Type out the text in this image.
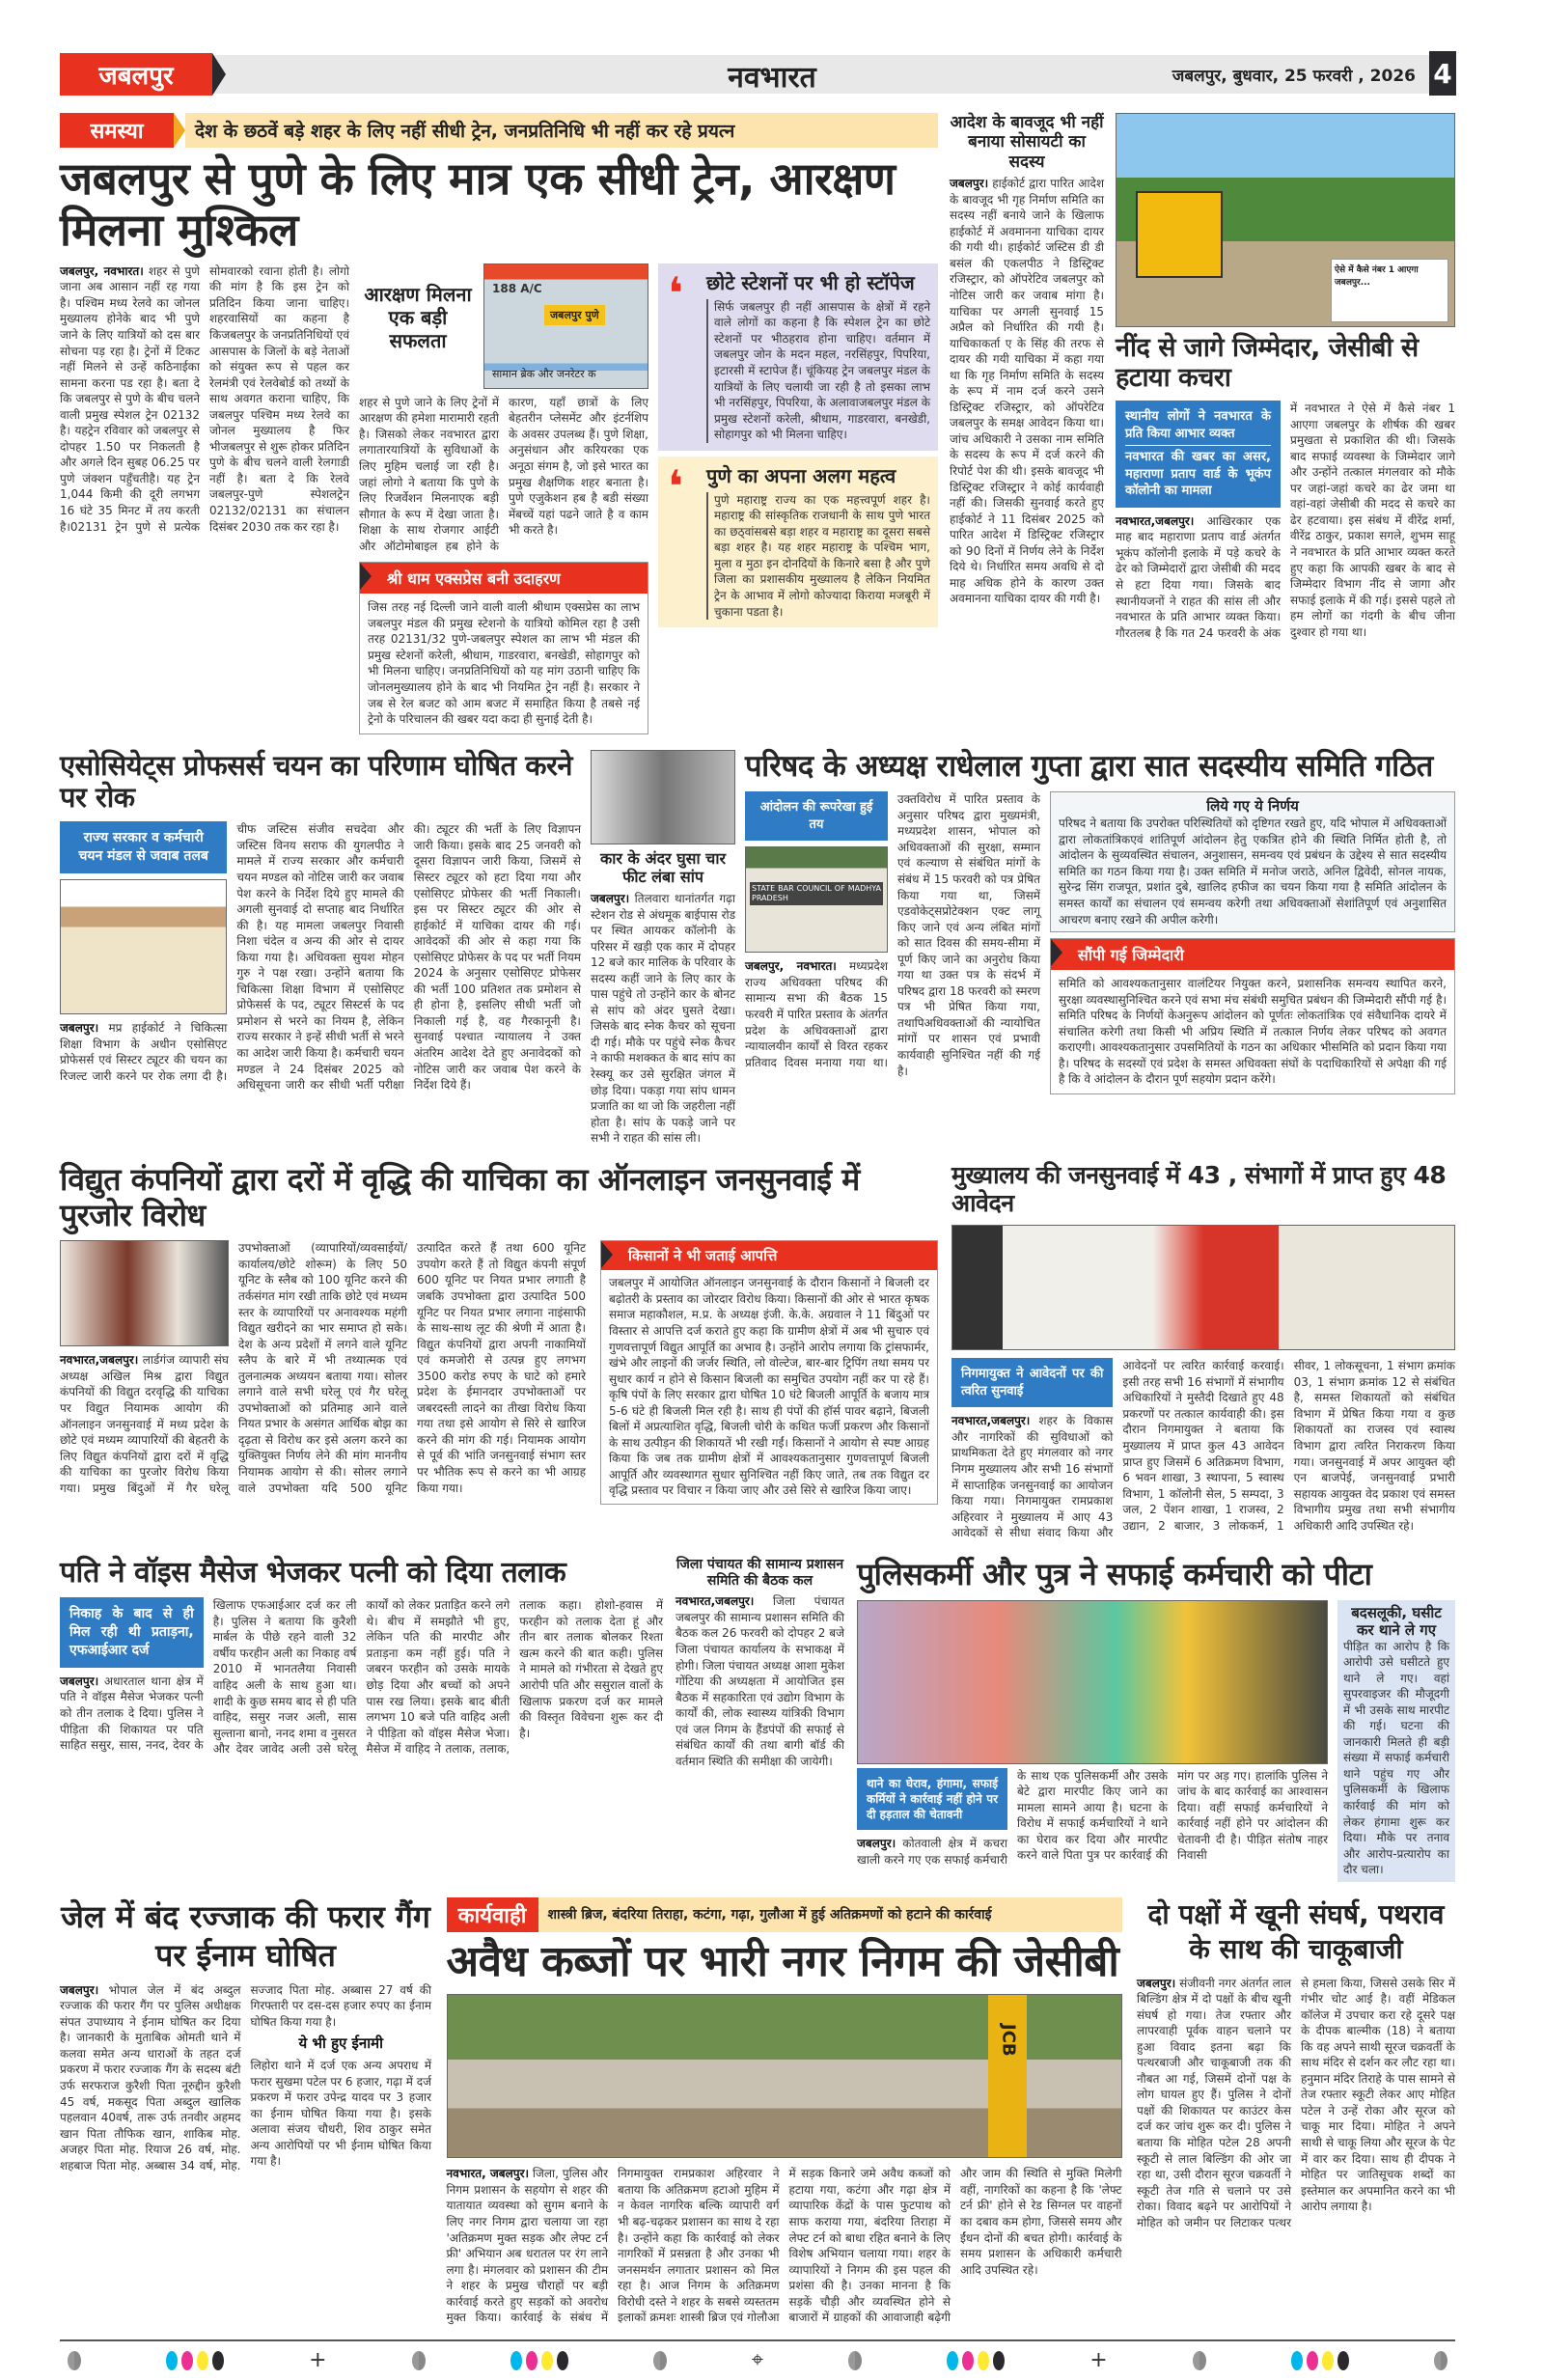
जबलपुर	नवभारत	जबलपुर, बुधवार, 25 फरवरी , 2026 4
समस्या	देश के छठवें बड़े शहर के लिए नहीं सीधी ट्रेन, जनप्रतिनिधि भी नहीं कर रहे प्रयत्न
जबलपुर से पुणे के लिए मात्र एक सीधी ट्रेन, आरक्षण मिलना मुश्किल
जबलपुर, नवभारत। शहर से पुणे जाना अब आसान नहीं रह गया है। पश्चिम मध्य रेलवे का जोनल मुख्यालय होनेके बाद भी पुणे जाने के लिए यात्रियों को दस बार सोचना पड़ रहा है। ट्रेनों में टिकट नहीं मिलने से उन्हें कठिनाईका सामना करना पड रहा है। बता दे कि जबलपुर से पुणे के बीच चलने वाली प्रमुख स्पेशल ट्रेन 02132 है। यहट्रेन रविवार को जबलपुर से दोपहर 1.50 पर निकलती है और अगले दिन सुबह 06.25 पर पुणे जंक्शन पहुँचतीहै। यह ट्रेन 1,044 किमी की दूरी लगभग 16 घंटे 35 मिनट में तय करती है।02131 ट्रेन पुणे से प्रत्येक सोमवारको रवाना होती है। लोगो की मांग है कि इस ट्रेन को प्रतिदिन किया जाना चाहिए। शहरवासियों का कहना है किजबलपुर के जनप्रतिनिधियों एवं आसपास के जिलों के बड़े नेताओं को संयुक्त रूप से पहल कर रेलमंत्री एवं रेलवेबोर्ड को तथ्यों के साथ अवगत कराना चाहिए, कि जबलपुर पश्चिम मध्य रेलवे का जोनल मुख्यालय है फिर भीजबलपुर से शुरू होकर प्रतिदिन पुणे के बीच चलने वाली रेलगाडी नहीं है। बता दे कि रेलवे जबलपुर-पुणे स्पेशलट्रेन 02132/02131 का संचालन दिसंबर 2030 तक कर रहा है।
आरक्षण मिलना एक बड़ी सफलता
188 A/C
जबलपुर पुणे
सामान ब्रेक और जनरेटर क
शहर से पुणे जाने के लिए ट्रेनों में आरक्षण की हमेशा मारामारी रहती है। जिसको लेकर नवभारत द्वारा लगातारयात्रियों के सुविधाओं के लिए मुहिम चलाई जा रही है। जहां लोगो ने बताया कि पुणे के लिए रिजर्वेशन मिलनाएक बड़ी सौगात के रूप में देखा जाता है। शिक्षा के साथ रोजगार आईटी और ऑटोमोबाइल हब होने के कारण, यहाँ छात्रों के लिए बेहतरीन प्लेसमेंट और इंटर्नशिप के अवसर उपलब्ध हैं। पुणे शिक्षा, अनुसंधान और करियरका एक अनूठा संगम है, जो इसे भारत का प्रमुख शैक्षणिक शहर बनाता है। पुणे एजुकेशन हब है बडी संख्या मेंबच्चें यहां पढने जाते है व काम भी करते है।
श्री धाम एक्सप्रेस बनी उदाहरण
जिस तरह नई दिल्ली जाने वाली वाली श्रीधाम एक्सप्रेस का लाभ जबलपुर मंडल की प्रमुख स्टेशनो के यात्रियो कोमिल रहा है उसी तरह 02131/32 पुणे-जबलपुर स्पेशल का लाभ भी मंडल की प्रमुख स्टेशनों करेली, श्रीधाम, गाडरवारा, बनखेडी, सोहागपुर को भी मिलना चाहिए। जनप्रतिनिधियों को यह मांग उठानी चाहिए कि जोनलमुख्यालय होने के बाद भी नियमित ट्रेन नहीं है। सरकार ने जब से रेल बजट को आम बजट में समाहित किया है तबसे नई ट्रेनो के परिचालन की खबर यदा कदा ही सुनाई देती है।
❛ छोटे स्टेशनों पर भी हो स्टॉपेज
सिर्फ जबलपुर ही नहीं आसपास के क्षेत्रों में रहने वाले लोगों का कहना है कि स्पेशल ट्रेन का छोटे स्टेशनों पर भीठहराव होना चाहिए। वर्तमान में जबलपुर जोन के मदन महल, नरसिंहपुर, पिपरिया, इटारसी में स्टापेज हैं। चूंकियह ट्रेन जबलपुर मंडल के यात्रियों के लिए चलायी जा रही है तो इसका लाभ भी नरसिंहपुर, पिपरिया, के अलावाजबलपुर मंडल के प्रमुख स्टेशनों करेली, श्रीधाम, गाडरवारा, बनखेडी, सोहागपुर को भी मिलना चाहिए।
❛ पुणे का अपना अलग महत्व
पुणे महाराष्ट्र राज्य का एक महत्त्वपूर्ण शहर है। महाराष्ट्र की सांस्कृतिक राजधानी के साथ पुणे भारत का छठ्वांसबसे बड़ा शहर व महाराष्ट्र का दूसरा सबसे बड़ा शहर है। यह शहर महाराष्ट्र के पश्चिम भाग, मुला व मुठा इन दोनदियों के किनारे बसा है और पुणे जिला का प्रशासकीय मुख्यालय है लेकिन नियमित ट्रेन के आभाव में लोगो कोज्यादा किराया मजबूरी में चुकाना पडता है।
आदेश के बावजूद भी नहीं बनाया सोसायटी का सदस्य
जबलपुर। हाईकोर्ट द्वारा पारित आदेश के बावजूद भी गृह निर्माण समिति का सदस्य नहीं बनाये जाने के खिलाफ हाईकोर्ट में अवमानना याचिका दायर की गयी थी। हाईकोर्ट जस्टिस डी डी बसंल की एकलपीठ ने डिस्ट्रिक्ट रजिस्ट्रार, को ऑपरेटिव जबलपुर को नोटिस जारी कर जवाब मांगा है। याचिका पर अगली सुनवाई 15 अप्रैल को निर्धारित की गयी है।याचिकाकर्ता ए के सिंह की तरफ से दायर की गयी याचिका में कहा गया था कि गृह निर्माण समिति के सदस्य के रूप में नाम दर्ज करने उसने डिस्ट्रिक्ट रजिस्ट्रार, को ऑपरेटिव जबलपुर के समक्ष आवेदन किया था। जांच अधिकारी ने उसका नाम समिति के सदस्य के रूप में दर्ज करने की रिपोर्ट पेश की थी। इसके बावजूद भी डिस्ट्रिक्ट रजिस्ट्रार ने कोई कार्यवाही नहीं की। जिसकी सुनवाई करते हुए हाईकोर्ट ने 11 दिसंबर 2025 को पारित आदेश में डिस्ट्रिक्ट रजिस्ट्रार को 90 दिनों में निर्णय लेने के निर्देश दिये थे। निर्धारित समय अवधि से दो माह अधिक होने के कारण उक्त अवमानना याचिका दायर की गयी है।
ऐसे में कैसे नंबर 1 आएगा जबलपुर...
नींद से जागे जिम्मेदार, जेसीबी से हटाया कचरा
स्थानीय लोगों ने नवभारत के प्रति किया आभार व्यक्त
नवभारत की खबर का असर, महाराणा प्रताप वार्ड के भूकंप कॉलोनी का मामला
नवभारत,जबलपुर। आखिरकार एक माह बाद महाराणा प्रताप वार्ड अंतर्गत भूकंप कॉलोनी इलाके में पड़े कचरे के ढेर को जिम्मेदारों द्वारा जेसीबी की मदद से हटा दिया गया। जिसके बाद स्थानीयजनों ने राहत की सांस ली और नवभारत के प्रति आभार व्यक्त किया। गौरतलब है कि गत 24 फरवरी के अंक में नवभारत ने ऐसे में कैसे नंबर 1 आएगा जबलपुर के शीर्षक की खबर प्रमुखता से प्रकाशित की थी। जिसके बाद सफाई व्यवस्था के जिम्मेदार जागे और उन्होंने तत्काल मंगलवार को मौके पर जहां-जहां कचरे का ढेर जमा था वहां-वहां जेसीबी की मदद से कचरे का ढेर हटवाया। इस संबंध में वीरेंद्र शर्मा, वीरेंद्र ठाकुर, प्रकाश सगले, शुभम साहू ने नवभारत के प्रति आभार व्यक्त करते हुए कहा कि आपकी खबर के बाद से जिम्मेदार विभाग नींद से जागा और सफाई इलाके में की गई। इससे पहले तो हम लोगों का गंदगी के बीच जीना दुश्वार हो गया था।
एसोसियेट्स प्रोफसर्स चयन का परिणाम घोषित करने पर रोक
राज्य सरकार व कर्मचारी चयन मंडल से जवाब तलब
जबलपुर। मप्र हाईकोर्ट ने चिकित्सा शिक्षा विभाग के अधीन एसोसिएट प्रोफेसर्स एवं सिस्टर ट्यूटर की चयन का रिजल्ट जारी करने पर रोक लगा दी है। चीफ जस्टिस संजीव सचदेवा और जस्टिस विनय सराफ की युगलपीठ ने मामले में राज्य सरकार और कर्मचारी चयन मण्डल को नोटिस जारी कर जवाब पेश करने के निर्देश दिये हुए मामले की अगली सुनवाई दो सप्ताह बाद निर्धारित की है। यह मामला जबलपुर निवासी निशा चंदेल व अन्य की ओर से दायर किया गया है। अधिवक्ता सुयश मोहन गुरु ने पक्ष रखा। उन्होंने बताया कि चिकित्सा शिक्षा विभाग में एसोसिएट प्रोफेसर्स के पद, ट्यूटर सिस्टर्स के पद प्रमोशन से भरने का नियम है, लेकिन राज्य सरकार ने इन्हें सीधी भर्ती से भरने का आदेश जारी किया है। कर्मचारी चयन मण्डल ने 24 दिसंबर 2025 को अधिसूचना जारी कर सीधी भर्ती परीक्षा की। ट्यूटर की भर्ती के लिए विज्ञापन जारी किया। इसके बाद 25 जनवरी को दूसरा विज्ञापन जारी किया, जिसमें से सिस्टर ट्यूटर को हटा दिया गया और एसोसिएट प्रोफेसर की भर्ती निकाली। इस पर सिस्टर ट्यूटर की ओर से हाईकोर्ट में याचिका दायर की गई। आवेदकों की ओर से कहा गया कि एसोसिएट प्रोफेसर के पद पर भर्ती नियम 2024 के अनुसार एसोसिएट प्रोफेसर की भर्ती 100 प्रतिशत तक प्रमोशन से ही होना है, इसलिए सीधी भर्ती जो निकाली गई है, वह गैरकानूनी है। सुनवाई पश्चात न्यायालय ने उक्त अंतरिम आदेश देते हुए अनावेदकों को नोटिस जारी कर जवाब पेश करने के निर्देश दिये हैं।
कार के अंदर घुसा चार फीट लंबा सांप
जबलपुर। तिलवारा थानांतर्गत गढ़ा स्टेशन रोड से अंधमूक बाईपास रोड पर स्थित आयकर कॉलोनी के परिसर में खड़ी एक कार में दोपहर 12 बजे कार मालिक के परिवार के सदस्य कहीं जाने के लिए कार के पास पहुंचे तो उन्होंने कार के बोनट से सांप को अंदर घुसते देखा। जिसके बाद स्नेक कैचर को सूचना दी गई। मौके पर पहुंचे स्नेक कैचर ने काफी मशक्कत के बाद सांप का रेस्क्यू कर उसे सुरक्षित जंगल में छोड़ दिया। पकड़ा गया सांप धामन प्रजाति का था जो कि जहरीला नहीं होता है। सांप के पकड़े जाने पर सभी ने राहत की सांस ली।
परिषद के अध्यक्ष राधेलाल गुप्ता द्वारा सात सदस्यीय समिति गठित
आंदोलन की रूपरेखा हुई तय
STATE BAR COUNCIL OF MADHYA PRADESH
जबलपुर, नवभारत। मध्यप्रदेश राज्य अधिवक्ता परिषद की सामान्य सभा की बैठक 15 फरवरी में पारित प्रस्ताव के अंतर्गत प्रदेश के अधिवक्ताओं द्वारा न्यायालयीन कार्यों से विरत रहकर प्रतिवाद दिवस मनाया गया था। उक्तविरोध में पारित प्रस्ताव के अनुसार परिषद द्वारा मुख्यमंत्री, मध्यप्रदेश शासन, भोपाल को अधिवक्ताओं की सुरक्षा, सम्मान एवं कल्याण से संबंधित मांगों के संबंध में 15 फरवरी को पत्र प्रेषित किया गया था, जिसमें एडवोकेट्सप्रोटेक्शन एक्ट लागू किए जाने एवं अन्य लंबित मांगों को सात दिवस की समय-सीमा में पूर्ण किए जाने का अनुरोध किया गया था उक्त पत्र के संदर्भ में परिषद द्वारा 18 फरवरी को स्मरण पत्र भी प्रेषित किया गया, तथापिअधिवक्ताओं की न्यायोचित मांगों पर शासन एवं प्रभावी कार्यवाही सुनिश्चित नहीं की गई है।
लिये गए ये निर्णय
परिषद ने बताया कि उपरोक्त परिस्थितियों को दृष्टिगत रखते हुए, यदि भोपाल में अधिवक्ताओं द्वारा लोकतांत्रिकएवं शांतिपूर्ण आंदोलन हेतु एकत्रित होने की स्थिति निर्मित होती है, तो आंदोलन के सुव्यवस्थित संचालन, अनुशासन, समन्वय एवं प्रबंधन के उद्देश्य से सात सदस्यीय समिति का गठन किया गया है। उक्त समिति में मनोज जराठे, अनिल द्विवेदी, सोनल नायक, सुरेन्द्र सिंग राजपूत, प्रशांत दुबे, खालिद हफीज का चयन किया गया है समिति आंदोलन के समस्त कार्यों का संचालन एवं समन्वय करेगी तथा अधिवक्ताओं सेशांतिपूर्ण एवं अनुशासित आचरण बनाए रखने की अपील करेगी।
सौंपी गई जिम्मेदारी
समिति को आवश्यकतानुसार वालंटियर नियुक्त करने, प्रशासनिक समन्वय स्थापित करने, सुरक्षा व्यवस्थासुनिश्चित करने एवं सभा मंच संबंधी समुचित प्रबंधन की जिम्मेदारी सौंपी गई है। समिति परिषद के निर्णयों केअनुरूप आंदोलन को पूर्णतः लोकतांत्रिक एवं संवैधानिक दायरे में संचालित करेगी तथा किसी भी अप्रिय स्थिति में तत्काल निर्णय लेकर परिषद को अवगत कराएगी। आवश्यकतानुसार उपसमितियों के गठन का अधिकार भीसमिति को प्रदान किया गया है। परिषद के सदस्यों एवं प्रदेश के समस्त अधिवक्ता संघों के पदाधिकारियों से अपेक्षा की गई है कि वे आंदोलन के दौरान पूर्ण सहयोग प्रदान करेंगे।
विद्युत कंपनियों द्वारा दरों में वृद्धि की याचिका का ऑनलाइन जनसुनवाई में पुरजोर विरोध
नवभारत,जबलपुर। लार्डगंज व्यापारी संघ अध्यक्ष अखिल मिश्र द्वारा विद्युत कंपनियों की विद्युत दरवृद्धि की याचिका पर विद्युत नियामक आयोग की ऑनलाइन जनसुनवाई में मध्य प्रदेश के छोटे एवं मध्यम व्यापारियों की बेहतरी के लिए विद्युत कंपनियों द्वारा दरों में वृद्धि की याचिका का पुरजोर विरोध किया गया। प्रमुख बिंदुओं में गैर घरेलू उपभोक्ताओं (व्यापारियों/व्यवसाईयों/कार्यालय/छोटे शोरूम) के लिए 50 यूनिट के स्लैब को 100 यूनिट करने की तर्कसंगत मांग रखी ताकि छोटे एवं मध्यम स्तर के व्यापारियों पर अनावश्यक महंगी विद्युत खरीदने का भार समाप्त हो सके। देश के अन्य प्रदेशों में लगने वाले यूनिट स्लैप के बारे में भी तथ्यात्मक एवं तुलनात्मक अध्ययन बताया गया। सोलर लगाने वाले सभी घरेलू एवं गैर घरेलू उपभोक्ताओं को प्रतिमाह आने वाले नियत प्रभार के असंगत आर्थिक बोझ का दृढ़ता से विरोध कर इसे अलग करने का युक्तियुक्त निर्णय लेने की मांग माननीय नियामक आयोग से की। सोलर लगाने वाले उपभोक्ता यदि 500 यूनिट उत्पादित करते हैं तथा 600 यूनिट उपयोग करते हैं तो विद्युत कंपनी संपूर्ण 600 यूनिट पर नियत प्रभार लगाती है जबकि उपभोक्ता द्वारा उत्पादित 500 यूनिट पर नियत प्रभार लगाना नाइंसाफी के साथ-साथ लूट की श्रेणी में आता है। विद्युत कंपनियों द्वारा अपनी नाकामियों एवं कमजोरी से उत्पन्न हुए लगभग 3500 करोड रुपए के घाटे को हमारे प्रदेश के ईमानदार उपभोक्ताओं पर जबरदस्ती लादने का तीखा विरोध किया गया तथा इसे आयोग से सिरे से खारिज करने की मांग की गई। नियामक आयोग से पूर्व की भांति जनसुनवाई संभाग स्तर पर भौतिक रूप से करने का भी आग्रह किया गया।
किसानों ने भी जताई आपत्ति
जबलपुर में आयोजित ऑनलाइन जनसुनवाई के दौरान किसानों ने बिजली दर बढ़ोतरी के प्रस्ताव का जोरदार विरोध किया। किसानों की ओर से भारत कृषक समाज महाकौशल, म.प्र. के अध्यक्ष इंजी. के.के. अग्रवाल ने 11 बिंदुओं पर विस्तार से आपत्ति दर्ज कराते हुए कहा कि ग्रामीण क्षेत्रों में अब भी सुचारु एवं गुणवत्तापूर्ण विद्युत आपूर्ति का अभाव है। उन्होंने आरोप लगाया कि ट्रांसफार्मर, खंभे और लाइनों की जर्जर स्थिति, लो वोल्टेज, बार-बार ट्रिपिंग तथा समय पर सुधार कार्य न होने से किसान बिजली का समुचित उपयोग नहीं कर पा रहे हैं। कृषि पंपों के लिए सरकार द्वारा घोषित 10 घंटे बिजली आपूर्ति के बजाय मात्र 5-6 घंटे ही बिजली मिल रही है। साथ ही पंपों की हॉर्स पावर बढ़ाने, बिजली बिलों में अप्रत्याशित वृद्धि, बिजली चोरी के कथित फर्जी प्रकरण और किसानों के साथ उत्पीड़न की शिकायतें भी रखी गईं। किसानों ने आयोग से स्पष्ट आग्रह किया कि जब तक ग्रामीण क्षेत्रों में आवश्यकतानुसार गुणवत्तापूर्ण बिजली आपूर्ति और व्यवस्थागत सुधार सुनिश्चित नहीं किए जाते, तब तक विद्युत दर वृद्धि प्रस्ताव पर विचार न किया जाए और उसे सिरे से खारिज किया जाए।
मुख्यालय की जनसुनवाई में 43 , संभागों में प्राप्त हुए 48 आवेदन
निगमायुक्त ने आवेदनों पर की त्वरित सुनवाई
नवभारत,जबलपुर। शहर के विकास और नागरिकों की सुविधाओं को प्राथमिकता देते हुए मंगलवार को नगर निगम मुख्यालय और सभी 16 संभागों में साप्ताहिक जनसुनवाई का आयोजन किया गया। निगमायुक्त रामप्रकाश अहिरवार ने मुख्यालय में आए 43 आवेदकों से सीधा संवाद किया और आवेदनों पर त्वरित कार्रवाई करवाई। इसी तरह सभी 16 संभागों में संभागीय अधिकारियों ने मुस्तैदी दिखाते हुए 48 प्रकरणों पर तत्काल कार्यवाही की। इस दौरान निगमायुक्त ने बताया कि मुख्यालय में प्राप्त कुल 43 आवेदन प्राप्त हुए जिसमें 6 अतिक्रमण विभाग, 6 भवन शाखा, 3 स्थापना, 5 स्वास्थ विभाग, 1 कॉलोनी सेल, 5 सम्पदा, 3 जल, 2 पेंशन शाखा, 1 राजस्व, 2 उद्यान, 2 बाजार, 3 लोककर्म, 1 सीवर, 1 लोकसूचना, 1 संभाग क्रमांक 03, 1 संभाग क्रमांक 12 से संबंधित है, समस्त शिकायतों को संबंधित विभाग में प्रेषित किया गया व कुछ शिकायतों का राजस्व एवं स्वास्थ विभाग द्वारा त्वरित निराकरण किया गया। जनसुनवाई में अपर आयुक्त व्ही एन बाजपेई, जनसुनवाई प्रभारी सहायक आयुक्त वेद प्रकाश एवं समस्त विभागीय प्रमुख तथा सभी संभागीय अधिकारी आदि उपस्थित रहे।
पति ने वॉइस मैसेज भेजकर पत्नी को दिया तलाक
निकाह के बाद से ही मिल रही थी प्रताड़ना, एफआईआर दर्ज
जबलपुर। अधारताल थाना क्षेत्र में पति ने वॉइस मैसेज भेजकर पत्नी को तीन तलाक दे दिया। पुलिस ने पीड़िता की शिकायत पर पति साहित ससुर, सास, ननद, देवर के खिलाफ एफआईआर दर्ज कर ली है। पुलिस ने बताया कि कुरैशी मार्बल के पीछे रहने वाली 32 वर्षीय फरहीन अली का निकाह वर्ष 2010 में भानतलैया निवासी वाहिद अली के साथ हुआ था। शादी के कुछ समय बाद से ही पति वाहिद, ससुर नजर अली, सास सुल्ताना बानो, ननद शमा व नुसरत और देवर जावेद अली उसे घरेलू कार्यों को लेकर प्रताड़ित करने लगे थे। बीच में समझौते भी हुए, लेकिन पति की मारपीट और प्रताड़ना कम नहीं हुई। पति ने जबरन फरहीन को उसके मायके छोड़ दिया और बच्चों को अपने पास रख लिया। इसके बाद बीती लगभग 10 बजे पति वाहिद अली ने पीड़िता को वॉइस मैसेज भेजा। मैसेज में वाहिद ने तलाक, तलाक, तलाक कहा। होशो-हवास में फरहीन को तलाक देता हूं और तीन बार तलाक बोलकर रिश्ता खत्म करने की बात कही। पुलिस ने मामले को गंभीरता से देखते हुए आरोपी पति और ससुराल वालों के खिलाफ प्रकरण दर्ज कर मामले की विस्तृत विवेचना शुरू कर दी है।
जिला पंचायत की सामान्य प्रशासन समिति की बैठक कल
नवभारत,जबलपुर। जिला पंचायत जबलपुर की सामान्य प्रशासन समिति की बैठक कल 26 फरवरी को दोपहर 2 बजे जिला पंचायत कार्यालय के सभाकक्ष में होगी। जिला पंचायत अध्यक्ष आशा मुकेश गोंटिया की अध्यक्षता में आयोजित इस बैठक में सहकारिता एवं उद्योग विभाग के कार्यों की, लोक स्वास्थ्य यांत्रिकी विभाग एवं जल निगम के हैंडपंपों की सफाई से संबंधित कार्यों की तथा बागी बॉर्ड की वर्तमान स्थिति की समीक्षा की जायेगी।
पुलिसकर्मी और पुत्र ने सफाई कर्मचारी को पीटा
थाने का घेराव, हंगामा, सफाई कर्मियों ने कार्रवाई नहीं होने पर दी हड़ताल की चेतावनी
जबलपुर। कोतवाली क्षेत्र में कचरा खाली करने गए एक सफाई कर्मचारी के साथ एक पुलिसकर्मी और उसके बेटे द्वारा मारपीट किए जाने का मामला सामने आया है। घटना के विरोध में सफाई कर्मचारियों ने थाने का घेराव कर दिया और मारपीट करने वाले पिता पुत्र पर कार्रवाई की मांग पर अड़ गए। हालांकि पुलिस ने जांच के बाद कार्रवाई का आश्वासन दिया। वहीं सफाई कर्मचारियों ने कार्रवाई नहीं होने पर आंदोलन की चेतावनी दी है। पीड़ित संतोष नाहर निवासी
बदसलूकी, घसीट कर थाने ले गए
पीड़ित का आरोप है कि आरोपी उसे घसीटते हुए थाने ले गए। वहां सुपरवाइजर की मौजूदगी में भी उसके साथ मारपीट की गई। घटना की जानकारी मिलते ही बड़ी संख्या में सफाई कर्मचारी थाने पहुंच गए और पुलिसकर्मी के खिलाफ कार्रवाई की मांग को लेकर हंगामा शुरू कर दिया। मौके पर तनाव और आरोप-प्रत्यारोप का दौर चला।
जेल में बंद रज्जाक की फरार गैंग पर ईनाम घोषित
जबलपुर। भोपाल जेल में बंद अब्दुल रज्जाक की फरार गैंग पर पुलिस अधीक्षक संपत उपाध्याय ने ईनाम घोषित कर दिया है। जानकारी के मुताबिक ओमती थाने में कलवा समेत अन्य धाराओं के तहत दर्ज प्रकरण में फरार रज्जाक गैंग के सदस्य बंटी उर्फ सरफराज कुरैशी पिता नूरुद्दीन कुरैशी 45 वर्ष, मकसूद पिता अब्दुल खालिक पहलवान 40वर्ष, तारू उर्फ तनवीर अहमद खान पिता तौफिक खान, शाकिब मोह. अजहर पिता मोह. रियाज 26 वर्ष, मोह. शहबाज पिता मोह. अब्बास 34 वर्ष, मोह. सज्जाद पिता मोह. अब्बास 27 वर्ष की गिरफ्तारी पर दस-दस हजार रुपए का ईनाम घोषित किया गया है।
ये भी हुए ईनामी
लिहोरा थाने में दर्ज एक अन्य अपराध में फरार सुखमा पटेल पर 6 हजार, गढ़ा में दर्ज प्रकरण में फरार उपेन्द्र यादव पर 3 हजार का ईनाम घोषित किया गया है। इसके अलावा संजय चौधरी, शिव ठाकुर समेत अन्य आरोपियों पर भी ईनाम घोषित किया गया है।
कार्यवाही	शास्त्री ब्रिज, बंदरिया तिराहा, कटंगा, गढ़ा, गुलौआ में हुई अतिक्रमणों को हटाने की कार्रवाई
अवैध कब्जों पर भारी नगर निगम की जेसीबी
JCB
नवभारत, जबलपुर। जिला, पुलिस और निगम प्रशासन के सहयोग से शहर की यातायात व्यवस्था को सुगम बनाने के लिए नगर निगम द्वारा चलाया जा रहा 'अतिक्रमण मुक्त सड़क और लेफ्ट टर्न फ्री' अभियान अब धरातल पर रंग लाने लगा है। मंगलवार को प्रशासन की टीम ने शहर के प्रमुख चौराहों पर बड़ी कार्रवाई करते हुए सड़कों को अवरोध मुक्त किया। कार्रवाई के संबंध में निगमायुक्त रामप्रकाश अहिरवार ने बताया कि अतिक्रमण हटाओ मुहिम में न केवल नागरिक बल्कि व्यापारी वर्ग भी बढ़-चढ़कर प्रशासन का साथ दे रहा है। उन्होंने कहा कि कार्रवाई को लेकर नागरिकों में प्रसन्नता है और उनका भी जनसमर्थन लगातार प्रशासन को मिल रहा है। आज निगम के अतिक्रमण विरोधी दस्ते ने शहर के सबसे व्यस्ततम इलाकों क्रमशः शास्त्री ब्रिज एवं गोलौआ में सड़क किनारे जमे अवैध कब्जों को हटाया गया, कटंगा और गढ़ा क्षेत्र में व्यापारिक केंद्रों के पास फुटपाथ को साफ कराया गया, बंदरिया तिराहा में लेफ्ट टर्न को बाधा रहित बनाने के लिए विशेष अभियान चलाया गया। शहर के व्यापारियों ने निगम की इस पहल की प्रशंसा की है। उनका मानना है कि सड़कें चौड़ी और व्यवस्थित होने से बाजारों में ग्राहकों की आवाजाही बढ़ेगी और जाम की स्थिति से मुक्ति मिलेगी वहीं, नागरिकों का कहना है कि 'लेफ्ट टर्न फ्री' होने से रेड सिग्नल पर वाहनों का दबाव कम होगा, जिससे समय और ईंधन दोनों की बचत होगी। कार्रवाई के समय प्रशासन के अधिकारी कर्मचारी आदि उपस्थित रहे।
दो पक्षों में खूनी संघर्ष, पथराव के साथ की चाकूबाजी
जबलपुर। संजीवनी नगर अंतर्गत लाल बिल्डिंग क्षेत्र में दो पक्षों के बीच खूनी संघर्ष हो गया। तेज रफ्तार और लापरवाही पूर्वक वाहन चलाने पर हुआ विवाद इतना बढ़ा कि पत्थरबाजी और चाकूबाजी तक की नौबत आ गई, जिसमें दोनों पक्ष के लोग घायल हुए हैं। पुलिस ने दोनों पक्षों की शिकायत पर काउंटर केस दर्ज कर जांच शुरू कर दी। पुलिस ने बताया कि मोहित पटेल 28 अपनी स्कूटी से लाल बिल्डिंग की ओर जा रहा था, उसी दौरान सूरज चक्रवर्ती ने स्कूटी तेज गति से चलाने पर उसे रोका। विवाद बढ़ने पर आरोपियों ने मोहित को जमीन पर लिटाकर पत्थर से हमला किया, जिससे उसके सिर में गंभीर चोट आई है। वहीं मेडिकल कॉलेज में उपचार करा रहे दूसरे पक्ष के दीपक बाल्मीक (18) ने बताया कि वह अपने साथी सूरज चक्रवर्ती के साथ मंदिर से दर्शन कर लौट रहा था। हनुमान मंदिर तिराहे के पास सामने से तेज रफ्तार स्कूटी लेकर आए मोहित पटेल ने उन्हें रोका और सूरज को चाकू मार दिया। मोहित ने अपने साथी से चाकू लिया और सूरज के पेट में वार कर दिया। साथ ही दीपक ने मोहित पर जातिसूचक शब्दों का इस्तेमाल कर अपमानित करने का भी आरोप लगाया है।
+	⌖	+
